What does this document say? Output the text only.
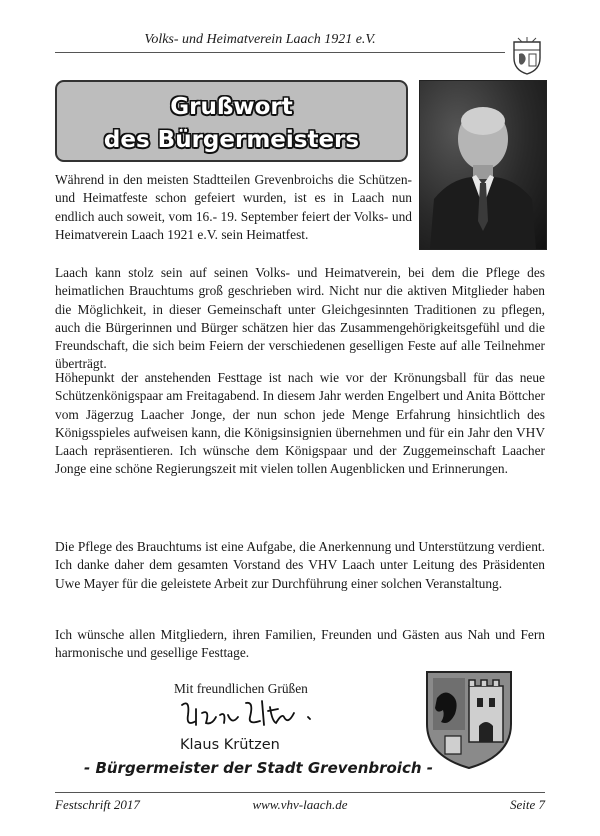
Volks- und Heimatverein Laach 1921 e.V.
Grußwort
des Bürgermeisters

Während in den meisten Stadtteilen Grevenbroichs die Schützen- und Heimatfeste schon gefeiert wurden, ist es in Laach nun endlich auch soweit, vom 16.- 19. September feiert der Volks- und Heimatverein Laach 1921 e.V. sein Heimatfest.

Laach kann stolz sein auf seinen Volks- und Heimatverein, bei dem die Pflege des heimatlichen Brauchtums groß geschrieben wird. Nicht nur die aktiven Mitglieder haben die Möglichkeit, in dieser Gemeinschaft unter Gleichgesinnten Traditionen zu pflegen, auch die Bürgerinnen und Bürger schätzen hier das Zusammengehörigkeitsgefühl und die Freundschaft, die sich beim Feiern der verschiedenen geselligen Feste auf alle Teilnehmer überträgt.

Höhepunkt der anstehenden Festtage ist nach wie vor der Krönungsball für das neue Schützenkönigspaar am Freitagabend. In diesem Jahr werden Engelbert und Anita Böttcher vom Jägerzug Laacher Jonge, der nun schon jede Menge Erfahrung hinsichtlich des Königsspieles aufweisen kann, die Königsinsignien übernehmen und für ein Jahr den VHV Laach repräsentieren. Ich wünsche dem Königspaar und der Zuggemeinschaft Laacher Jonge eine schöne Regierungszeit mit vielen tollen Augenblicken und Erinnerungen.

Die Pflege des Brauchtums ist eine Aufgabe, die Anerkennung und Unterstützung verdient. Ich danke daher dem gesamten Vorstand des VHV Laach unter Leitung des Präsidenten Uwe Mayer für die geleistete Arbeit zur Durchführung einer solchen Veranstaltung.

Ich wünsche allen Mitgliedern, ihren Familien, Freunden und Gästen aus Nah und Fern harmonische und gesellige Festtage.

Mit freundlichen Grüßen
Klaus Krützen
- Bürgermeister der Stadt Grevenbroich -
Festschrift 2017	www.vhv-laach.de	Seite 7
